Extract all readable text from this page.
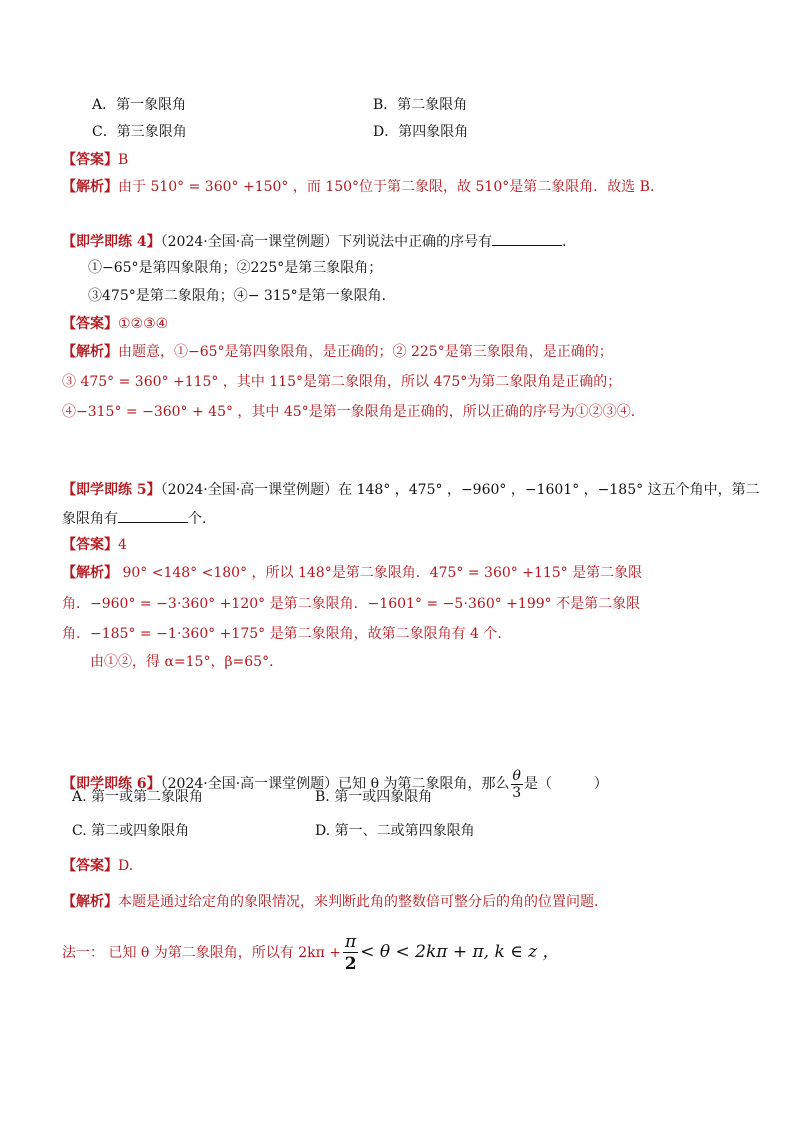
A．第一象限角	B．第二象限角
C．第三象限角	D．第四象限角
【答案】B
【解析】由于 510° = 360° +150° ，而 150°位于第二象限，故 510°是第二象限角．故选 B．
【即学即练 4】（2024·全国·高一课堂例题）下列说法中正确的序号有	．
①−65°是第四象限角；②225°是第三象限角；
③475°是第二象限角；④− 315°是第一象限角．
【答案】①②③④
【解析】由题意，①−65°是第四象限角，是正确的；② 225°是第三象限角，是正确的；
③ 475° = 360° +115° ，其中 115°是第二象限角，所以 475°为第二象限角是正确的；
④−315° = −360° + 45° ，其中 45°是第一象限角是正确的，所以正确的序号为①②③④．
【即学即练 5】（2024·全国·高一课堂例题）在 148° ，475° ，−960° ，−1601° ，−185° 这五个角中，第二
象限角有	个．
【答案】4
【解析】 90° <148° <180° ，所以 148°是第二象限角．475° = 360° +115° 是第二象限
角．−960° = −3⋅360° +120° 是第二象限角．−1601° = −5⋅360° +199° 不是第二象限
角．−185° = −1⋅360° +175° 是第二象限角，故第二象限角有 4 个．
由①②，得 α=15°，β=65°．
【即学即练 6】（2024·全国·高一课堂例题）已知 θ 为第二象限角，那么 $\frac{\theta}{3}$ 是（　　　）
A. 第一或第二象限角	B. 第一或四象限角
C. 第二或四象限角	D. 第一、二或第四象限角
【答案】D.
【解析】本题是通过给定角的象限情况，来判断此角的整数倍可整分后的角的位置问题.
法一： 已知 θ 为第二象限角，所以有 $2k\pi + \frac{\pi}{2} < \theta < 2k\pi + \pi$, k ∈ z ，
